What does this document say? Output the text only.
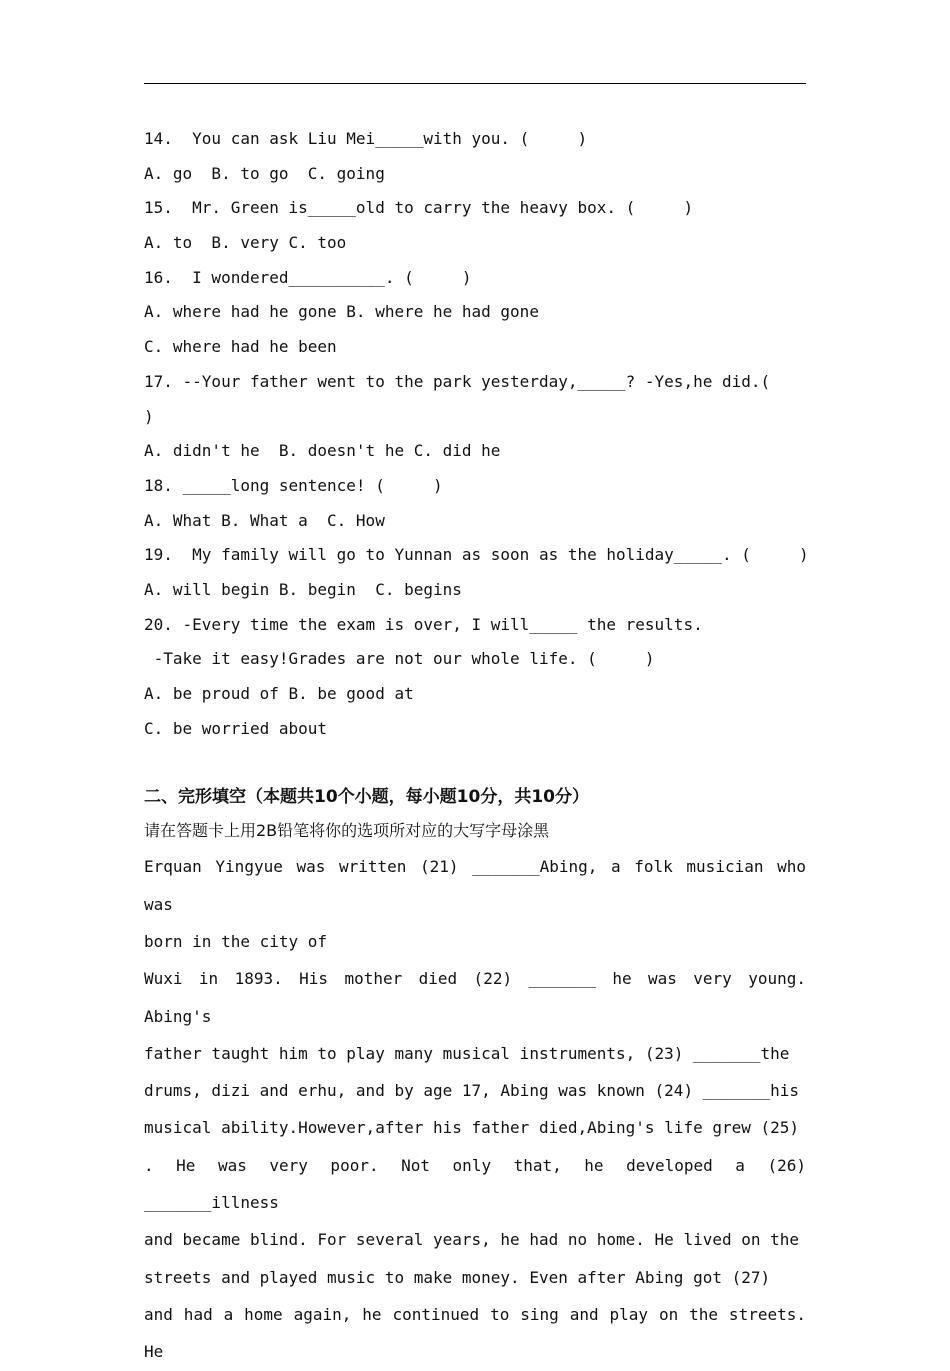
14.  You can ask Liu Mei_____with you. (     )
A. go  B. to go  C. going
15.  Mr. Green is_____old to carry the heavy box. (     )
A. to  B. very C. too
16.  I wondered__________. (     )
A. where had he gone B. where he had gone
C. where had he been
17. --Your father went to the park yesterday,_____? -Yes,he did.(
)
A. didn't he  B. doesn't he C. did he
18. _____long sentence! (     )
A. What B. What a  C. How
19.  My family will go to Yunnan as soon as the holiday_____. (     )
A. will begin B. begin  C. begins
20. -Every time the exam is over, I will_____ the results.
-Take it easy!Grades are not our whole life. (     )
A. be proud of B. be good at
C. be worried about
二、完形填空（本题共10个小题，每小题10分，共10分）
请在答题卡上用2B铅笔将你的选项所对应的大写字母涂黑

Erquan Yingyue was written (21) _______Abing, a folk musician who was

born in the city of

Wuxi in 1893. His mother died (22) _______ he was very young. Abing's

father taught him to play many musical instruments, (23) _______the

drums, dizi and erhu, and by age 17, Abing was known (24) _______his

musical ability.However,after his father died,Abing's life grew (25)

. He was very poor. Not only that, he developed a (26) _______illness

and became blind. For several years, he had no home. He lived on the

streets and played music to make money. Even after Abing got (27)

and had a home again, he continued to sing and play on the streets. He
